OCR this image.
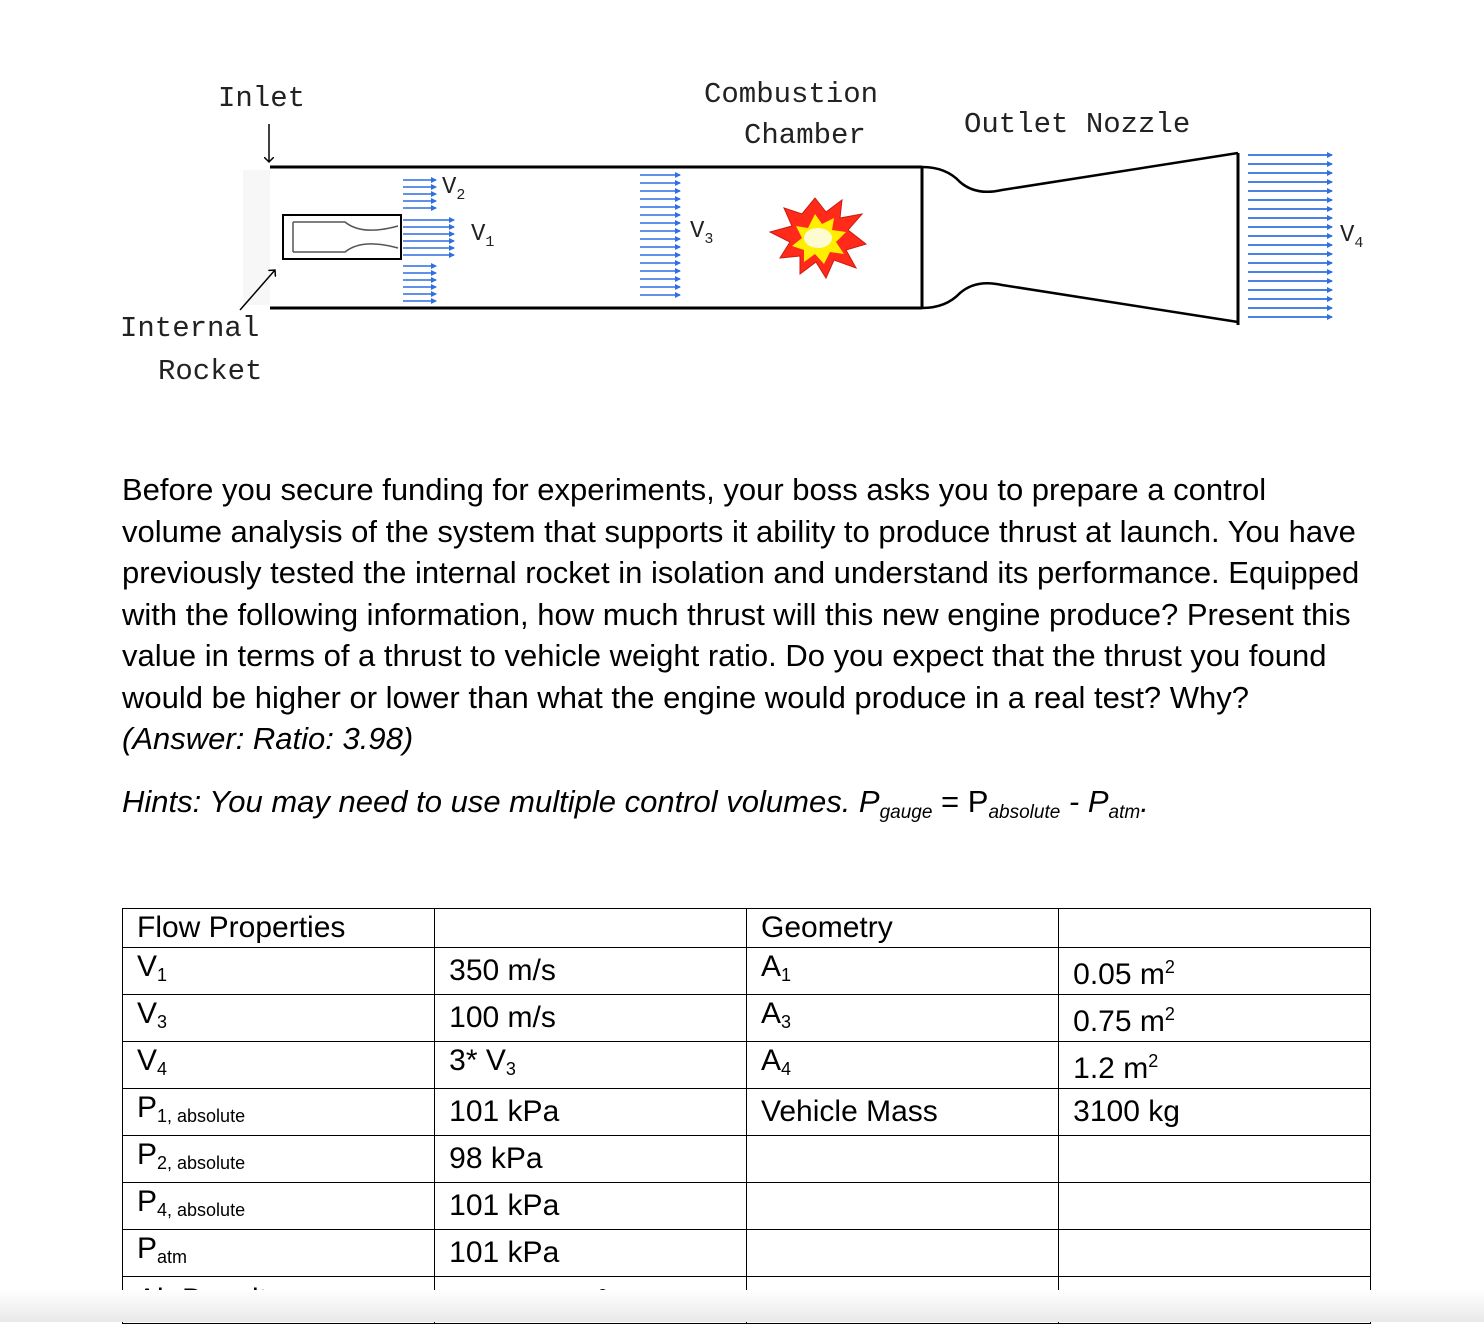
Inlet	Combustion
Chamber	Outlet Nozzle
Internal
Rocket
$V_2$
$V_1$	$V_3$	$V_4$
Before you secure funding for experiments, your boss asks you to prepare a control volume analysis of the system that supports it ability to produce thrust at launch. You have previously tested the internal rocket in isolation and understand its performance. Equipped with the following information, how much thrust will this new engine produce? Present this value in terms of a thrust to vehicle weight ratio. Do you expect that the thrust you found would be higher or lower than what the engine would produce in a real test? Why? (Answer: Ratio: 3.98)
Hints: You may need to use multiple control volumes. $P_{gauge} = P_{absolute} - P_{atm}$.
Flow Properties		Geometry	
$V_1$	350 m/s	$A_1$	0.05 $m^2$
$V_3$	100 m/s	$A_3$	0.75 $m^2$
$V_4$	3* $V_3$	$A_4$	1.2 $m^2$
$P_{1, absolute}$	101 kPa	Vehicle Mass	3100 kg
$P_{2, absolute}$	98 kPa		
$P_{4, absolute}$	101 kPa		
$P_{atm}$	101 kPa		
